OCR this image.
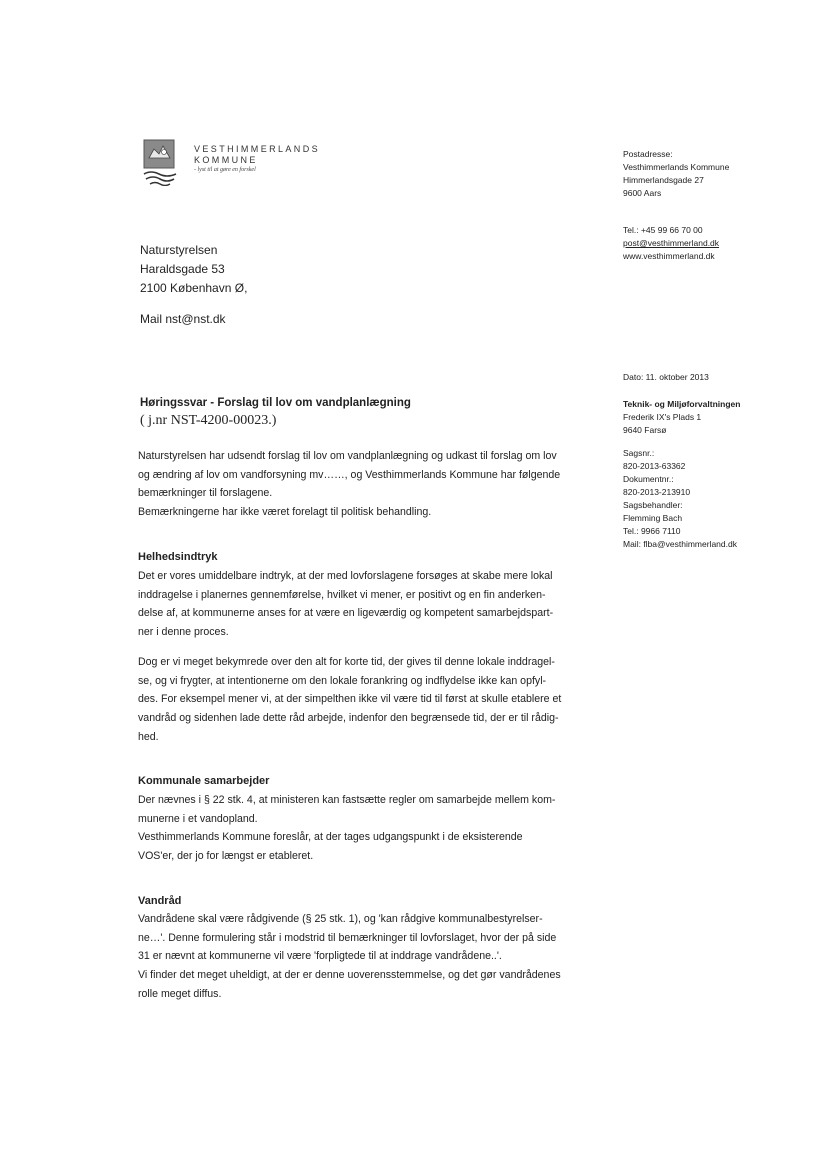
VESTHIMMERLANDS
KOMMUNE
- lyst til at gøre en forskel
Postadresse:
Vesthimmerlands Kommune
Himmerlandsgade 27
9600 Aars
Tel.: +45 99 66 70 00
post@vesthimmerland.dk
www.vesthimmerland.dk
Dato: 11. oktober 2013
Teknik- og Miljøforvaltningen
Frederik IX's Plads 1
9640 Farsø
Sagsnr.:
820-2013-63362
Dokumentnr.:
820-2013-213910
Sagsbehandler:
Flemming Bach
Tel.: 9966 7110
Mail: flba@vesthimmerland.dk
Naturstyrelsen
Haraldsgade 53
2100 København Ø,
Mail nst@nst.dk
Høringssvar - Forslag til lov om vandplanlægning
( j.nr NST-4200-00023.)

Naturstyrelsen har udsendt forslag til lov om vandplanlægning og udkast til forslag om lov

og ændring af lov om vandforsyning mv……, og Vesthimmerlands Kommune har følgende

bemærkninger til forslagene.

Bemærkningerne har ikke været forelagt til politisk behandling.

Helhedsindtryk

Det er vores umiddelbare indtryk, at der med lovforslagene forsøges at skabe mere lokal

inddragelse i planernes gennemførelse, hvilket vi mener, er positivt og en fin anderken-

delse af, at kommunerne anses for at være en ligeværdig og kompetent samarbejdspart-

ner i denne proces.

Dog er vi meget bekymrede over den alt for korte tid, der gives til denne lokale inddragel-

se, og vi frygter, at intentionerne om den lokale forankring og indflydelse ikke kan opfyl-

des. For eksempel mener vi, at der simpelthen ikke vil være tid til først at skulle etablere et

vandråd og sidenhen lade dette råd arbejde, indenfor den begrænsede tid, der er til rådig-

hed.

Kommunale samarbejder

Der nævnes i § 22 stk. 4, at ministeren kan fastsætte regler om samarbejde mellem kom-

munerne i et vandopland.

Vesthimmerlands Kommune foreslår, at der tages udgangspunkt i de eksisterende

VOS'er, der jo for længst er etableret.

Vandråd

Vandrådene skal være rådgivende (§ 25 stk. 1), og 'kan rådgive kommunalbestyrelser-

ne…'. Denne formulering står i modstrid til bemærkninger til lovforslaget, hvor der på side

31 er nævnt at kommunerne vil være 'forpligtede til at inddrage vandrådene..'.

Vi finder det meget uheldigt, at der er denne uoverensstemmelse, og det gør vandrådenes

rolle meget diffus.
